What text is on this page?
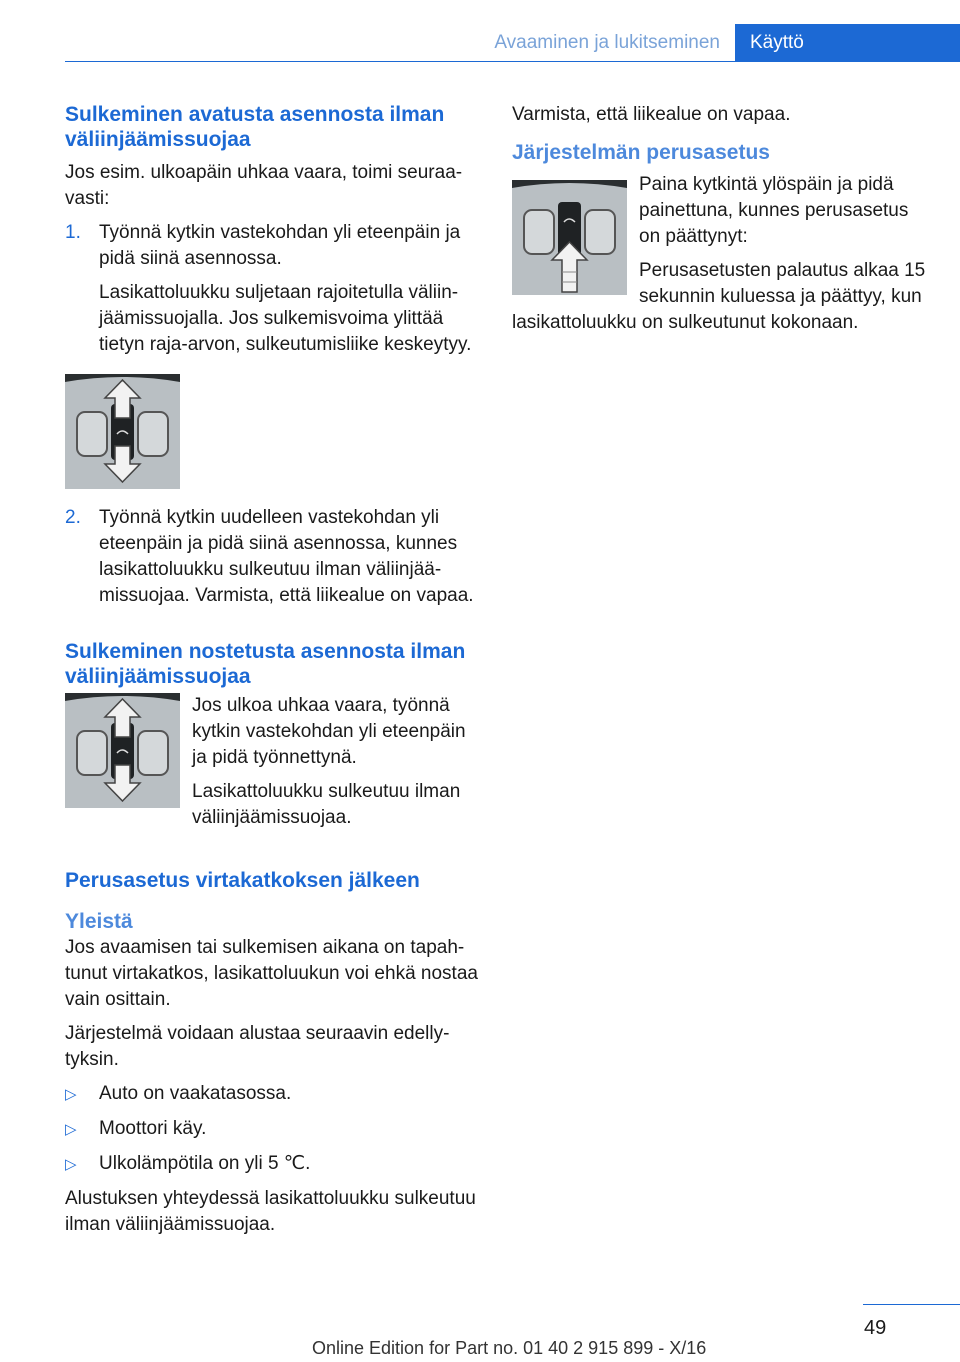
Avaaminen ja lukitseminen	Käyttö
Sulkeminen avatusta asennosta ilman väliinjäämissuojaa

Jos esim. ulkoapäin uhkaa vaara, toimi seuraavasti:

1. Työnnä kytkin vastekohdan yli eteenpäin ja pidä siinä asennossa.

Lasikattoluukku suljetaan rajoitetulla väliinjäämissuojalla. Jos sulkemisvoima ylittää tietyn raja-arvon, sulkeutumisliike keskeytyy.

2. Työnnä kytkin uudelleen vastekohdan yli eteenpäin ja pidä siinä asennossa, kunnes lasikattoluukku sulkeutuu ilman väliinjäämissuojaa. Varmista, että liikealue on vapaa.

Sulkeminen nostetusta asennosta ilman väliinjäämissuojaa

Jos ulkoa uhkaa vaara, työnnä kytkin vastekohdan yli eteenpäin ja pidä työnnettynä.

Lasikattoluukku sulkeutuu ilman väliinjäämissuojaa.

Perusasetus virtakatkoksen jälkeen
Yleistä

Jos avaamisen tai sulkemisen aikana on tapahtunut virtakatkos, lasikattoluukun voi ehkä nostaa vain osittain.

Järjestelmä voidaan alustaa seuraavin edellytyksin.

▷	Auto on vaakatasossa.
▷	Moottori käy.
▷	Ulkolämpötila on yli 5 ℃.

Alustuksen yhteydessä lasikattoluukku sulkeutuu ilman väliinjäämissuojaa.

Varmista, että liikealue on vapaa.

Järjestelmän perusasetus

Paina kytkintä ylöspäin ja pidä painettuna, kunnes perusasetus on päättynyt:

Perusasetusten palautus alkaa 15 sekunnin kuluessa ja päättyy, kun lasikattoluukku on sulkeutunut kokonaan.

49
Online Edition for Part no. 01 40 2 915 899 - X/16
